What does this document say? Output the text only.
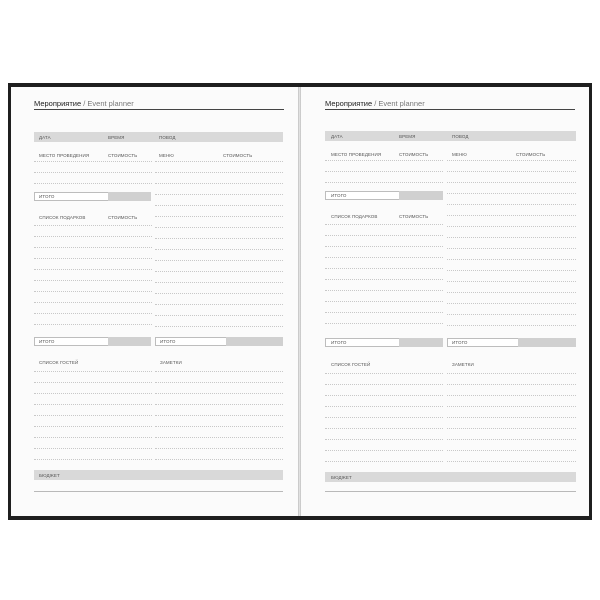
Мероприятие / Event planner
ДАТА	ВРЕМЯ	ПОВОД
МЕСТО ПРОВЕДЕНИЯ	СТОИМОСТЬ	МЕНЮ	СТОИМОСТЬ
ИТОГО
СПИСОК ПОДАРКОВ	СТОИМОСТЬ
ИТОГО	ИТОГО
СПИСОК ГОСТЕЙ	ЗАМЕТКИ
БЮДЖЕТ
Мероприятие / Event planner
ДАТА	ВРЕМЯ	ПОВОД
МЕСТО ПРОВЕДЕНИЯ	СТОИМОСТЬ	МЕНЮ	СТОИМОСТЬ
ИТОГО
СПИСОК ПОДАРКОВ	СТОИМОСТЬ
ИТОГО	ИТОГО
СПИСОК ГОСТЕЙ	ЗАМЕТКИ
БЮДЖЕТ
